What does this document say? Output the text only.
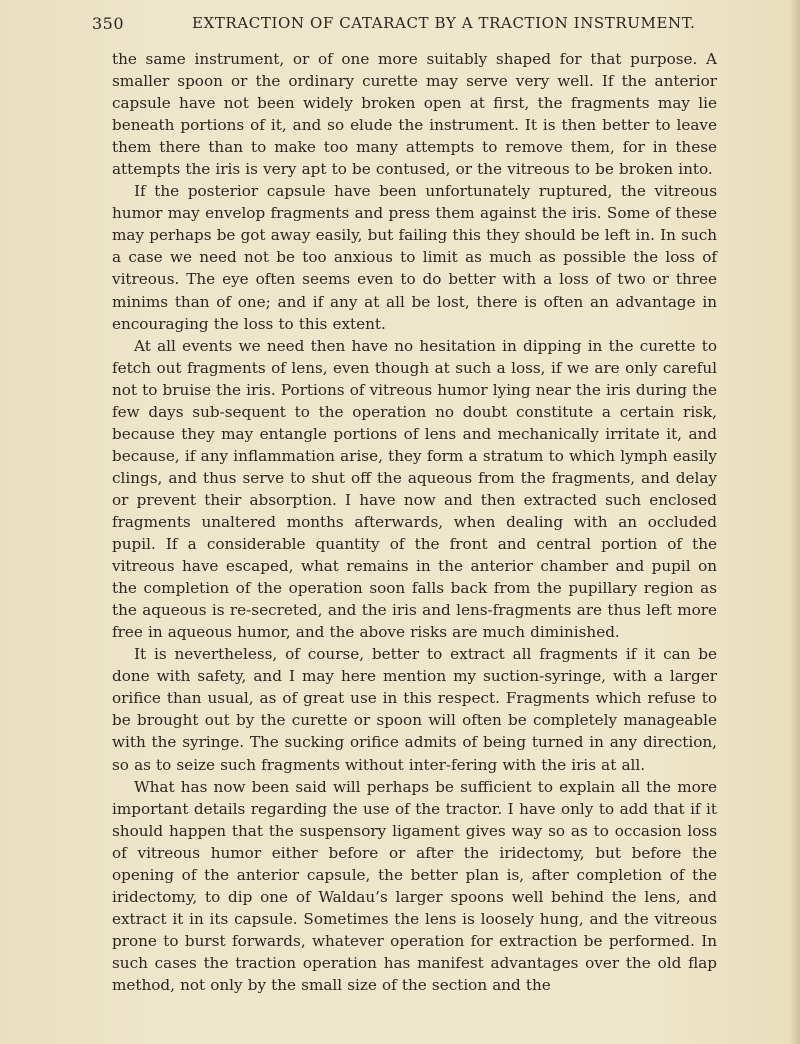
350	EXTRACTION OF CATARACT BY A TRACTION INSTRUMENT.

the same instrument, or of one more suitably shaped for that purpose. A smaller spoon or the ordinary curette may serve very well. If the anterior capsule have not been widely broken open at first, the fragments may lie beneath portions of it, and so elude the instrument. It is then better to leave them there than to make too many attempts to remove them, for in these attempts the iris is very apt to be contused, or the vitreous to be broken into.

If the posterior capsule have been unfortunately ruptured, the vitreous humor may envelop fragments and press them against the iris. Some of these may perhaps be got away easily, but failing this they should be left in. In such a case we need not be too anxious to limit as much as possible the loss of vitreous. The eye often seems even to do better with a loss of two or three minims than of one; and if any at all be lost, there is often an advantage in encouraging the loss to this extent.

At all events we need then have no hesitation in dipping in the curette to fetch out fragments of lens, even though at such a loss, if we are only careful not to bruise the iris. Portions of vitreous humor lying near the iris during the few days sub-sequent to the operation no doubt constitute a certain risk, because they may entangle portions of lens and mechanically irritate it, and because, if any inflammation arise, they form a stratum to which lymph easily clings, and thus serve to shut off the aqueous from the fragments, and delay or prevent their absorption. I have now and then extracted such enclosed fragments unaltered months afterwards, when dealing with an occluded pupil. If a considerable quantity of the front and central portion of the vitreous have escaped, what remains in the anterior chamber and pupil on the completion of the operation soon falls back from the pupillary region as the aqueous is re-secreted, and the iris and lens-fragments are thus left more free in aqueous humor, and the above risks are much diminished.

It is nevertheless, of course, better to extract all fragments if it can be done with safety, and I may here mention my suction-syringe, with a larger orifice than usual, as of great use in this respect. Fragments which refuse to be brought out by the curette or spoon will often be completely manageable with the syringe. The sucking orifice admits of being turned in any direction, so as to seize such fragments without inter-fering with the iris at all.

What has now been said will perhaps be sufficient to explain all the more important details regarding the use of the tractor. I have only to add that if it should happen that the suspensory ligament gives way so as to occasion loss of vitreous humor either before or after the iridectomy, but before the opening of the anterior capsule, the better plan is, after completion of the iridectomy, to dip one of Waldau’s larger spoons well behind the lens, and extract it in its capsule. Sometimes the lens is loosely hung, and the vitreous prone to burst forwards, whatever operation for extraction be performed. In such cases the traction operation has manifest advantages over the old flap method, not only by the small size of the section and the
